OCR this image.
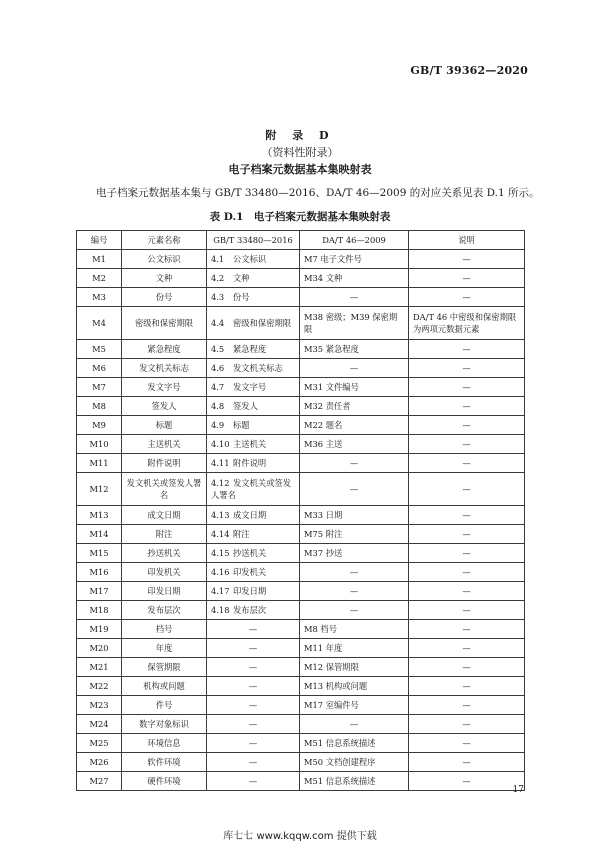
GB/T 39362—2020
附 录 D
（资料性附录）
电子档案元数据基本集映射表
电子档案元数据基本集与 GB/T 33480—2016、DA/T 46—2009 的对应关系见表 D.1 所示。
表 D.1　电子档案元数据基本集映射表
编号	元素名称	GB/T 33480—2016	DA/T 46—2009	说明
M1	公文标识	4.1 公文标识	M7 电子文件号	—
M2	文种	4.2 文种	M34 文种	—
M3	份号	4.3 份号	—	—
M4	密级和保密期限	4.4 密级和保密期限	M38 密级；M39 保密期限	DA/T 46 中密级和保密期限为两项元数据元素
M5	紧急程度	4.5 紧急程度	M35 紧急程度	—
M6	发文机关标志	4.6 发文机关标志	—	—
M7	发文字号	4.7 发文字号	M31 文件编号	—
M8	签发人	4.8 签发人	M32 责任者	—
M9	标题	4.9 标题	M22 题名	—
M10	主送机关	4.10 主送机关	M36 主送	—
M11	附件说明	4.11 附件说明	—	—
M12	发文机关或签发人署名	4.12 发文机关或签发人署名	—	—
M13	成文日期	4.13 成文日期	M33 日期	—
M14	附注	4.14 附注	M75 附注	—
M15	抄送机关	4.15 抄送机关	M37 抄送	—
M16	印发机关	4.16 印发机关	—	—
M17	印发日期	4.17 印发日期	—	—
M18	发布层次	4.18 发布层次	—	—
M19	档号	—	M8 档号	—
M20	年度	—	M11 年度	—
M21	保管期限	—	M12 保管期限	—
M22	机构或问题	—	M13 机构或问题	—
M23	件号	—	M17 室编件号	—
M24	数字对象标识	—	—	—
M25	环境信息	—	M51 信息系统描述	—
M26	软件环境	—	M50 文档创建程序	—
M27	硬件环境	—	M51 信息系统描述	—
17
库七七 www.kqqw.com 提供下载
